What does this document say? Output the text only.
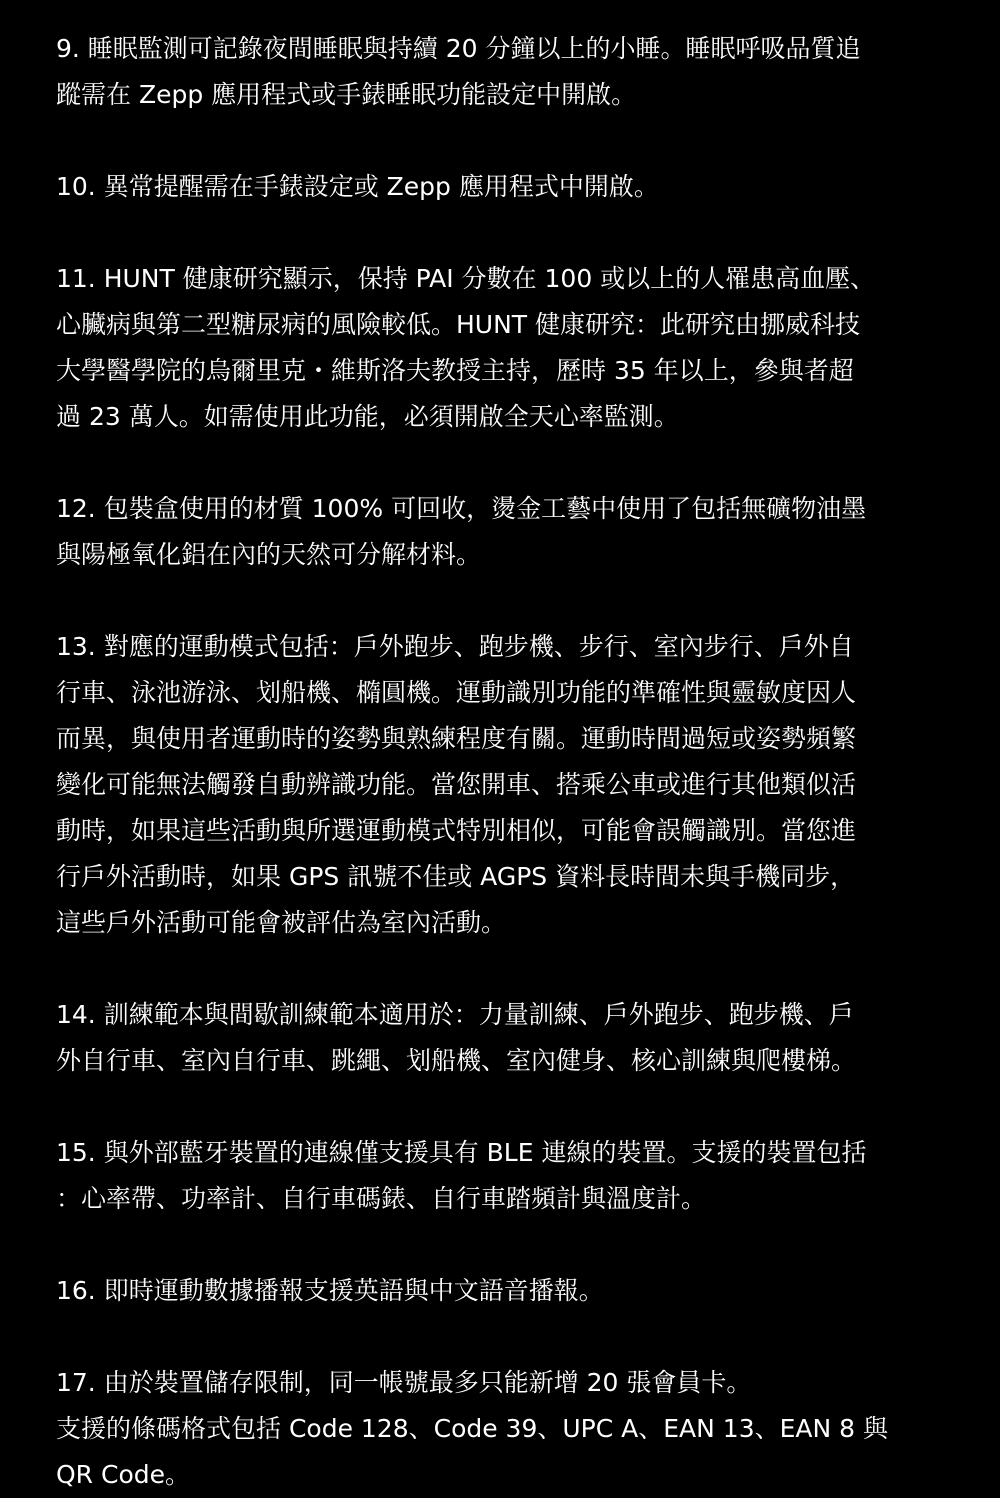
9. 睡眠監測可記錄夜間睡眠與持續 20 分鐘以上的小睡。睡眠呼吸品質追
蹤需在 Zepp 應用程式或手錶睡眠功能設定中開啟。

10. 異常提醒需在手錶設定或 Zepp 應用程式中開啟。

11. HUNT 健康研究顯示，保持 PAI 分數在 100 或以上的人罹患高血壓、
心臟病與第二型糖尿病的風險較低。HUNT 健康研究：此研究由挪威科技
大學醫學院的烏爾里克・維斯洛夫教授主持，歷時 35 年以上，參與者超
過 23 萬人。如需使用此功能，必須開啟全天心率監測。

12. 包裝盒使用的材質 100% 可回收，燙金工藝中使用了包括無礦物油墨
與陽極氧化鋁在內的天然可分解材料。

13. 對應的運動模式包括：戶外跑步、跑步機、步行、室內步行、戶外自
行車、泳池游泳、划船機、橢圓機。運動識別功能的準確性與靈敏度因人
而異，與使用者運動時的姿勢與熟練程度有關。運動時間過短或姿勢頻繁
變化可能無法觸發自動辨識功能。當您開車、搭乘公車或進行其他類似活
動時，如果這些活動與所選運動模式特別相似，可能會誤觸識別。當您進
行戶外活動時，如果 GPS 訊號不佳或 AGPS 資料長時間未與手機同步，
這些戶外活動可能會被評估為室內活動。

14. 訓練範本與間歇訓練範本適用於：力量訓練、戶外跑步、跑步機、戶
外自行車、室內自行車、跳繩、划船機、室內健身、核心訓練與爬樓梯。

15. 與外部藍牙裝置的連線僅支援具有 BLE 連線的裝置。支援的裝置包括
：心率帶、功率計、自行車碼錶、自行車踏頻計與溫度計。

16. 即時運動數據播報支援英語與中文語音播報。

17. 由於裝置儲存限制，同一帳號最多只能新增 20 張會員卡。
支援的條碼格式包括 Code 128、Code 39、UPC A、EAN 13、EAN 8 與
QR Code。
